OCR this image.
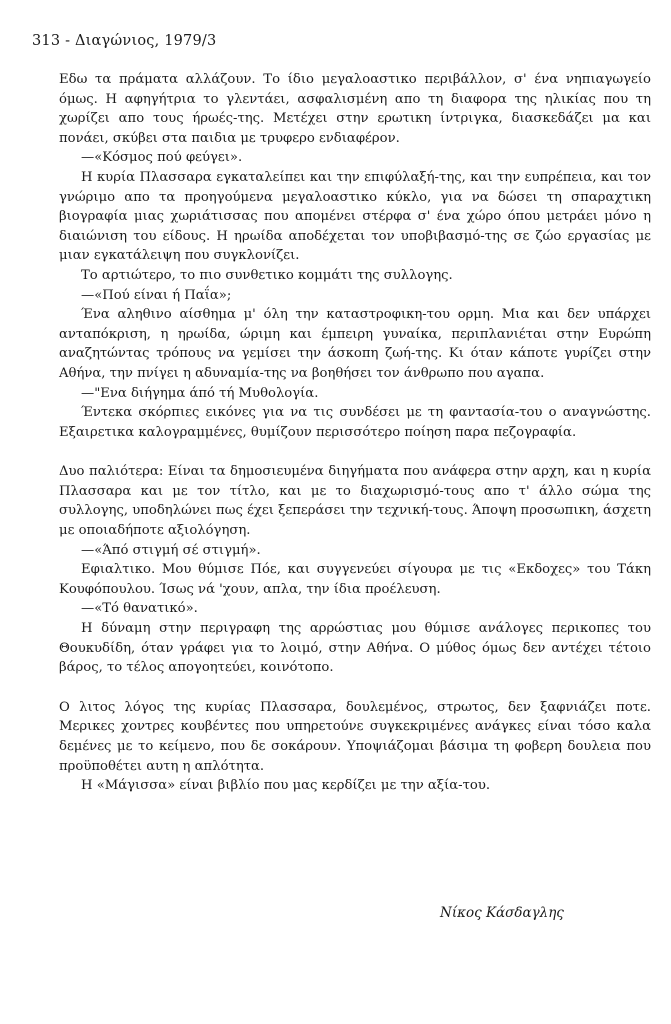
313 - Διαγώνιος, 1979/3

Εδω τα πράματα αλλάζουν. Το ίδιο μεγαλοαστικο περιβάλλον, σ' ένα νηπιαγωγείο όμως. Η αφηγήτρια το γλεντάει, ασφαλισμένη απο τη διαφορα της ηλικίας που τη χωρίζει απο τους ήρωές-της. Μετέχει στην ερωτικη ίντριγκα, διασκεδάζει μα και πονάει, σκύβει στα παιδια με τρυφερο ενδιαφέρον.

—«Κόσμος πού φεύγει».

Η κυρία Πλασσαρα εγκαταλείπει και την επιφύλαξή-της, και την ευπρέπεια, και τον γνώριμο απο τα προηγούμενα μεγαλοαστικο κύκλο, για να δώσει τη σπαραχτικη βιογραφία μιας χωριάτισσας που απομένει στέρφα σ' ένα χώρο όπου μετράει μόνο η διαιώνιση του είδους. Η ηρωίδα αποδέχεται τον υποβιβασμό-της σε ζώο εργασίας με μιαν εγκατάλειψη που συγκλονίζει.

Το αρτιώτερο, το πιο συνθετικο κομμάτι της συλλογης.

—«Πού είναι ή Παΐα»;

Ένα αληθινο αίσθημα μ' όλη την καταστροφικη-του ορμη. Μια και δεν υπάρχει ανταπόκριση, η ηρωίδα, ώριμη και έμπειρη γυναίκα, περιπλανιέται στην Ευρώπη αναζητώντας τρόπους να γεμίσει την άσκοπη ζωή-της. Κι όταν κάποτε γυρίζει στην Αθήνα, την πνίγει η αδυναμία-της να βοηθήσει τον άνθρωπο που αγαπα.

—"Ενα διήγημα άπό τή Μυθολογία.

Έντεκα σκόρπιες εικόνες για να τις συνδέσει με τη φαντασία-του ο αναγνώστης. Εξαιρετικα καλογραμμένες, θυμίζουν περισσότερο ποίηση παρα πεζογραφία.

Δυο παλιότερα: Είναι τα δημοσιευμένα διηγήματα που ανάφερα στην αρχη, και η κυρία Πλασσαρα και με τον τίτλο, και με το διαχωρισμό-τους απο τ' άλλο σώμα της συλλογης, υποδηλώνει πως έχει ξεπεράσει την τεχνική-τους. Άποψη προσωπικη, άσχετη με οποιαδήποτε αξιολόγηση.

—«Άπό στιγμή σέ στιγμή».

Εφιαλτικο. Μου θύμισε Πόε, και συγγενεύει σίγουρα με τις «Εκδοχες» του Τάκη Κουφόπουλου. Ίσως νά 'χουν, απλα, την ίδια προέλευση.

—«Τό θανατικό».

Η δύναμη στην περιγραφη της αρρώστιας μου θύμισε ανάλογες περικοπες του Θουκυδίδη, όταν γράφει για το λοιμό, στην Αθήνα. Ο μύθος όμως δεν αντέχει τέτοιο βάρος, το τέλος απογοητεύει, κοινότοπο.

Ο λιτος λόγος της κυρίας Πλασσαρα, δουλεμένος, στρωτος, δεν ξαφνιάζει ποτε. Μερικες χοντρες κουβέντες που υπηρετούνε συγκεκριμένες ανάγκες είναι τόσο καλα δεμένες με το κείμενο, που δε σοκάρουν. Υποψιάζομαι βάσιμα τη φοβερη δουλεια που προϋποθέτει αυτη η απλότητα.

Η «Μάγισσα» είναι βιβλίο που μας κερδίζει με την αξία-του.

Νίκος Κάσδαγλης
